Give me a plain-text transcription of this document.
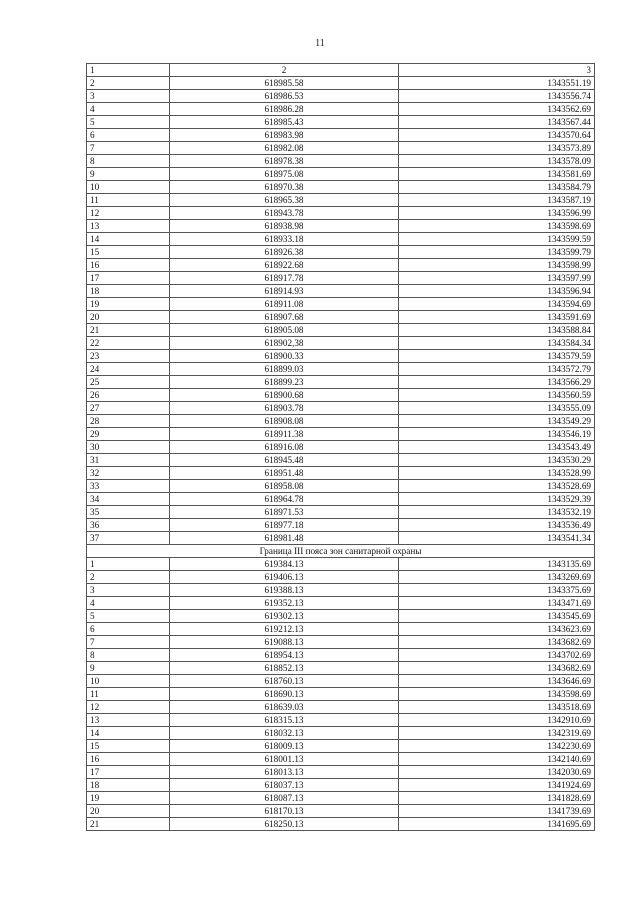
11
1	2	3
2	618985.58	1343551.19
3	618986.53	1343556.74
4	618986.28	1343562.69
5	618985.43	1343567.44
6	618983.98	1343570.64
7	618982.08	1343573.89
8	618978.38	1343578.09
9	618975.08	1343581.69
10	618970.38	1343584.79
11	618965.38	1343587.19
12	618943.78	1343596.99
13	618938.98	1343598.69
14	618933.18	1343599.59
15	618926.38	1343599.79
16	618922.68	1343598.99
17	618917.78	1343597.99
18	618914.93	1343596.94
19	618911.08	1343594.69
20	618907.68	1343591.69
21	618905.08	1343588.84
22	618902,38	1343584.34
23	618900.33	1343579.59
24	618899.03	1343572.79
25	618899.23	1343566.29
26	618900.68	1343560.59
27	618903.78	1343555.09
28	618908.08	1343549.29
29	618911.38	1343546.19
30	618916.08	1343543.49
31	618945.48	1343530.29
32	618951.48	1343528.99
33	618958.08	1343528.69
34	618964.78	1343529.39
35	618971.53	1343532.19
36	618977.18	1343536.49
37	618981.48	1343541.34
Граница III пояса зон санитарной охраны		
1	619384.13	1343135.69
2	619406.13	1343269.69
3	619388.13	1343375.69
4	619352.13	1343471.69
5	619302.13	1343545.69
6	619212.13	1343623.69
7	619088.13	1343682.69
8	618954.13	1343702.69
9	618852.13	1343682.69
10	618760.13	1343646.69
11	618690.13	1343598.69
12	618639.03	1343518.69
13	618315.13	1342910.69
14	618032.13	1342319.69
15	618009.13	1342230.69
16	618001.13	1342140.69
17	618013.13	1342030.69
18	618037.13	1341924.69
19	618087.13	1341828.69
20	618170.13	1341739.69
21	618250.13	1341695.69
